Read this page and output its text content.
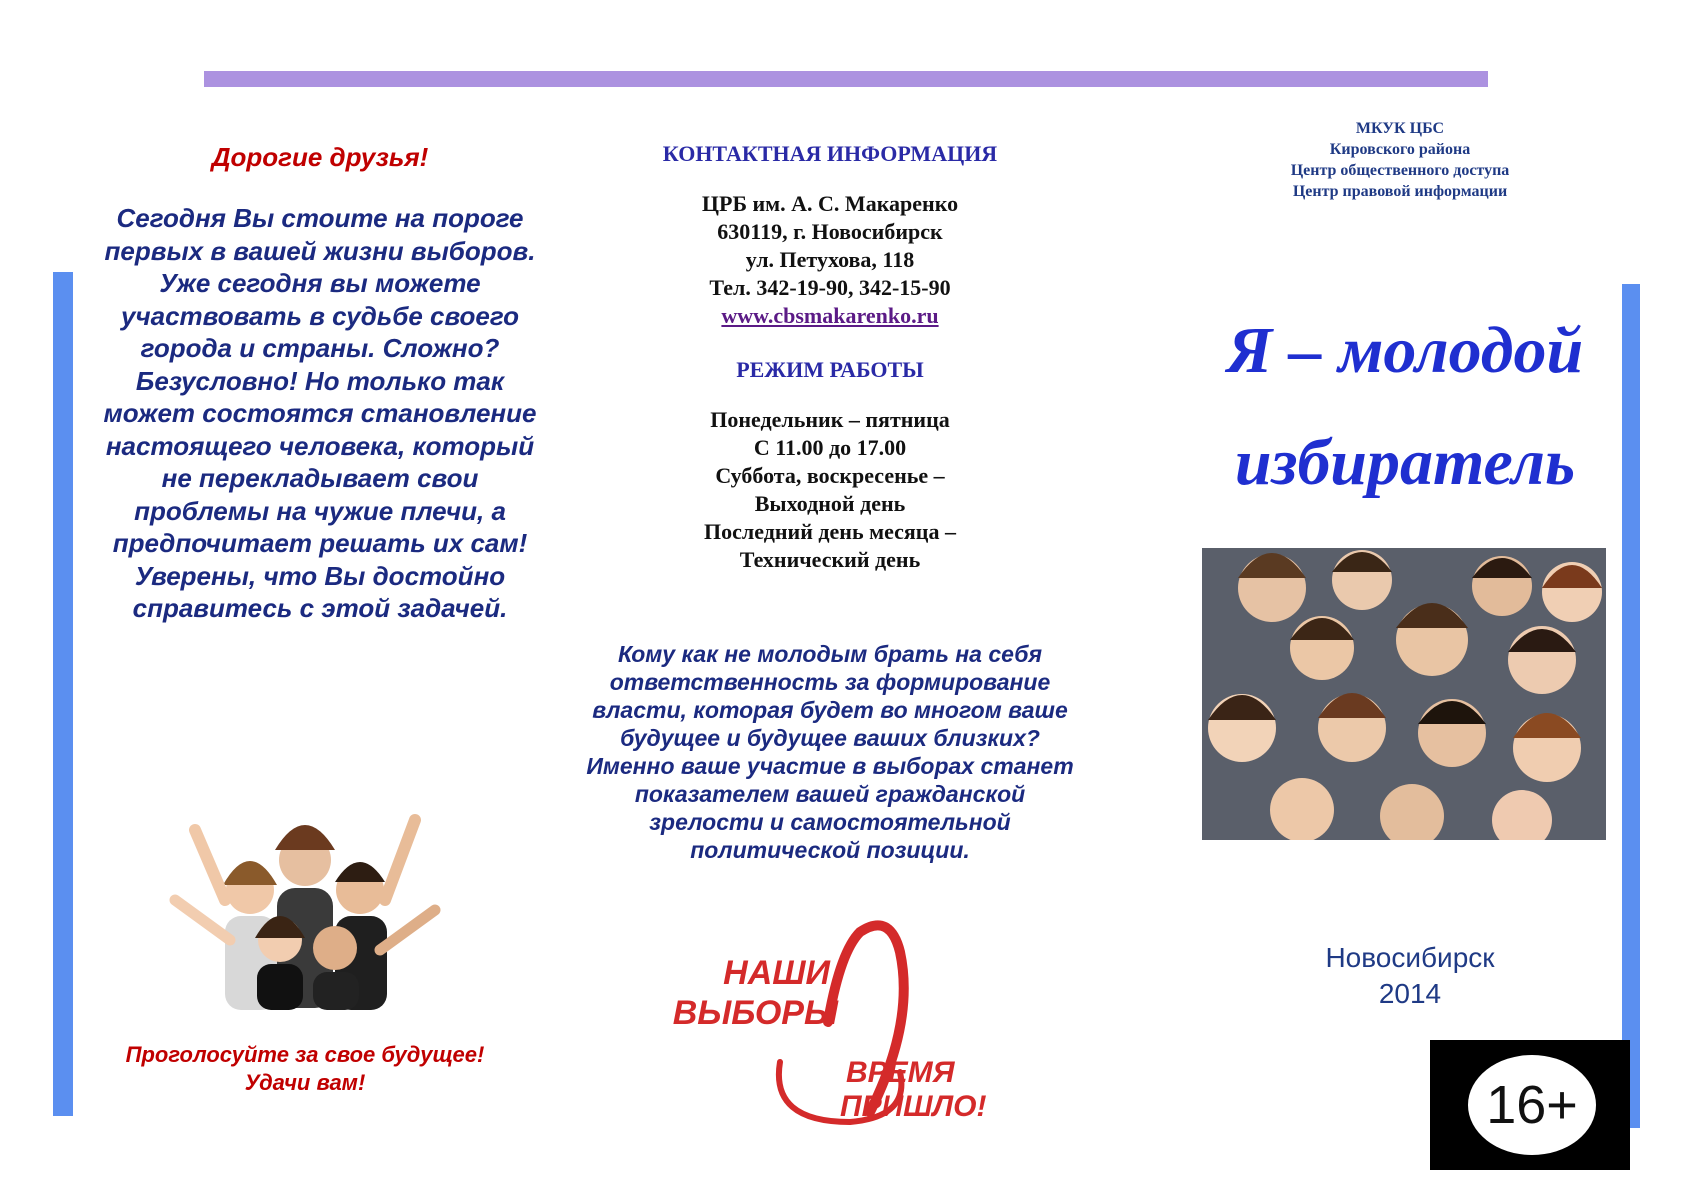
Дорогие друзья!

Сегодня Вы стоите на пороге первых в вашей жизни выборов. Уже сегодня вы можете участвовать в судьбе своего города и страны. Сложно? Безусловно! Но только так может состоятся становление настоящего человека, который не перекладывает свои проблемы на чужие плечи, а предпочитает решать их сам! Уверены, что Вы достойно справитесь с этой задачей.

Проголосуйте за свое будущее!
Удачи вам!

КОНТАКТНАЯ ИНФОРМАЦИЯ

ЦРБ им. А. С. Макаренко
630119, г. Новосибирск
ул. Петухова, 118
Тел. 342-19-90, 342-15-90
www.cbsmakarenko.ru

РЕЖИМ РАБОТЫ

Понедельник – пятница
С 11.00 до 17.00
Суббота, воскресенье –
Выходной день
Последний день месяца –
Технический день
Кому как не молодым брать на себя ответственность за формирование власти, которая будет во многом ваше будущее и будущее ваших близких? Именно ваше участие в выборах станет показателем вашей гражданской зрелости и самостоятельной политической позиции.
НАШИ
ВЫБОРЫ
ВРЕМЯ
ПРИШЛО!
МКУК ЦБС
Кировского района
Центр общественного доступа
Центр правовой информации
Я – молодой
избиратель
Новосибирск
2014
16+
